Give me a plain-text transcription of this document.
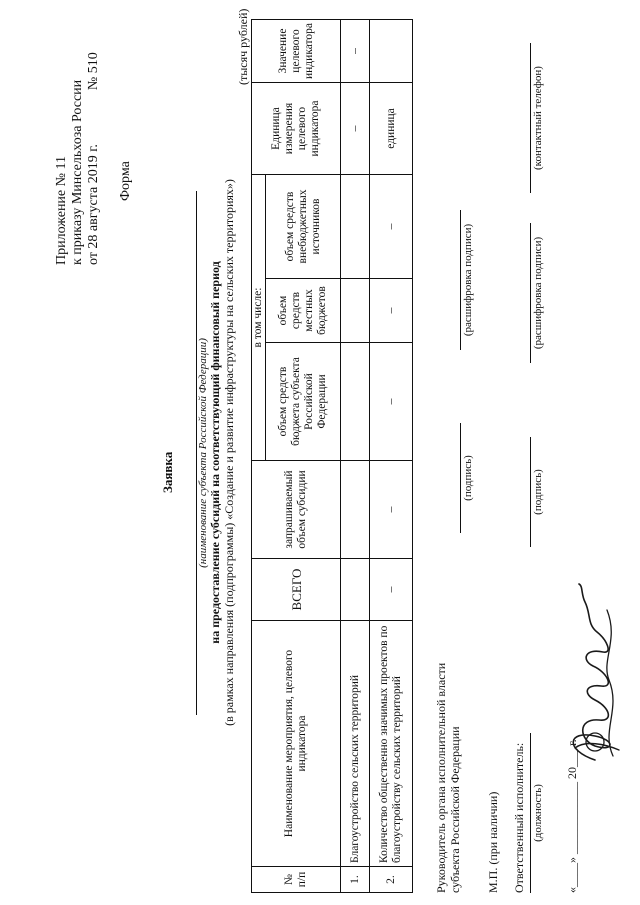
Приложение № 11 к приказу Минсельхоза России от 28 августа 2019 г.№ 510
Форма
Заявка (наименование субъекта Российской Федерации) на предоставление субсидий на соответствующий финансовый период (в рамках направления (подпрограммы) «Создание и развитие инфраструктуры на сельских территориях»)
(тысяч рублей)
№ п/п	Наименование мероприятия, целевого индикатора	ВСЕГО	запрашиваемый объем субсидии	в том числе:			Единица измерения целевого индикатора	Значение целевого индикатора
				объем средств бюджета субъекта Российской Федерации	объем средств местных бюджетов	объем средств внебюджетных источников		
1.	Благоустройство сельских территорий						–	–
2.	Количество общественно значимых проектов по благоустройству сельских территорий	–	–	–	–	–	единица	
Руководитель органа исполнительной власти субъекта Российской Федерации
(подпись)
(расшифровка подписи)
М.П. (при наличии) Ответственный исполнитель: (должность)
(подпись)
(расшифровка подписи)
(контактный телефон)
«____» ____________ 20___ г.
